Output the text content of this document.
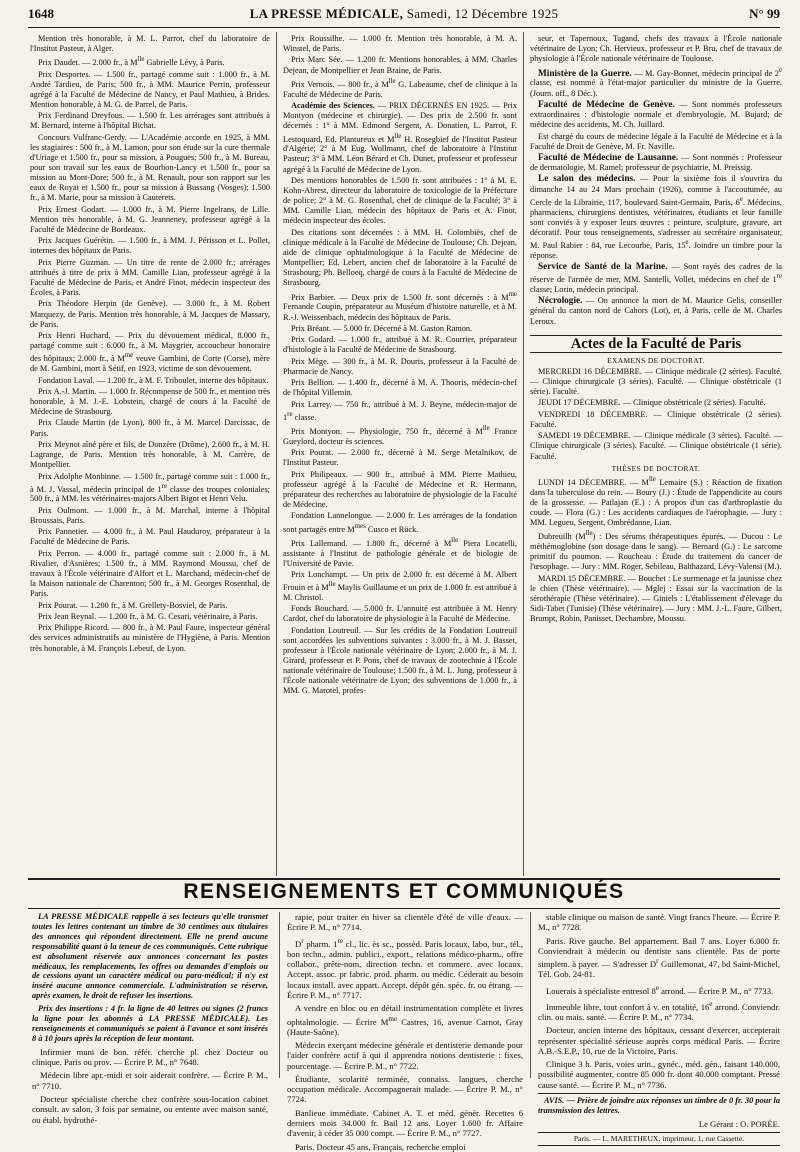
1648	LA PRESSE MÉDICALE, Samedi, 12 Décembre 1925	N° 99

Mention très honorable, à M. L. Parrot, chef du laboratoire de l'Institut Pasteur, à Alger.

Prix Daudet. — 2.000 fr., à $M^{lle}$ Gabrielle Lévy, à Paris.

Prix Desportes. — 1.500 fr., partagé comme suit : 1.000 fr., à M. André Tardieu, de Paris; 500 fr., à MM. Maurice Perrin, professeur agrégé à la Faculté de Médecine de Nancy, et Paul Mathieu, à Brides. Mention honorable, à M. G. de Parrel, de Paris.

Prix Ferdinand Dreyfous. — 1.500 fr. Les arrérages sont attribués à M. Bernard, interne à l'hôpital Bichat.

Concours Vulfranc-Gerdy. — L'Académie accorde en 1925, à MM. les stagiaires : 500 fr., à M. Lamon, pour son étude sur la cure thermale d'Uriage et 1.500 fr., pour sa mission, à Pougues; 500 fr., à M. Bureau, pour son travail sur les eaux de Bourbon-Lancy et 1.500 fr., pour sa mission au Mont-Dore; 500 fr., à M. Renault, pour son rapport sur les eaux de Royat et 1.500 fr., pour sa mission à Bussang (Vosges); 1.500 fr., à M. Marie, pour sa mission à Cauterets.

Prix Ernest Godart. — 1.000 fr., à M. Pierre Ingelrans, de Lille. Mention très honorable, à M. G. Jeanneney, professeur agrégé à la Faculté de Médecine de Bordeaux.

Prix Jacques Guérétin. — 1.500 fr., à MM. J. Périsson et L. Pollet, internes des hôpitaux de Paris.

Prix Pierre Guzman. — Un titre de rente de 2.000 fr.; arrérages attribués à titre de prix à MM. Camille Lian, professeur agrégé à la Faculté de Médecine de Paris, et André Finot, médecin inspecteur des Écoles, à Paris.

Prix Théodore Herpin (de Genève). — 3.000 fr., à M. Robert Marquezy, de Paris. Mention très honorable, à M. Jacques de Massary, de Paris.

Prix Henri Huchard. — Prix du dévouement médical, 8.000 fr., partagé comme suit : 6.000 fr., à M. Maygrier, accoucheur honoraire des hôpitaux; 2.000 fr., à $M^{me}$ veuve Gambini, de Corte (Corse), mère de M. Gambini, mort à Sétif, en 1923, victime de son dévouement.

Fondation Laval. — 1.200 fr., à M. F. Triboulet, interne des hôpitaux.

Prix A.-J. Martin. — 1.000 fr. Récompense de 500 fr., et mention très honorable, à M. J.-E. Lobstein, chargé de cours à la Faculté de Médecine de Strasbourg.

Prix Claude Martin (de Lyon), 800 fr., à M. Marcel Darcissac, de Paris.

Prix Meynot aîné père et fils, de Donzère (Drôme), 2.600 fr., à M. H. Lagrange, de Paris. Mention très honorable, à M. Carrère, de Montpellier.

Prix Adolphe Monbinne. — 1.500 fr., partagé comme suit : 1.000 fr., à M. J. Vassal, médecin principal de 1re classe des troupes coloniales; 500 fr., à MM. les vétérinaires-majors Albert Bigot et Henri Velu.

Prix Oulmont. — 1.000 fr., à M. Marchal, interne à l'hôpital Broussais, Paris.

Prix Pannetier. — 4.000 fr., à M. Paul Hauduroy, préparateur à la Faculté de Médecine de Paris.

Prix Perron. — 4.000 fr., partagé comme suit : 2.000 fr., à M. Rivalier, d'Asnières; 1.500 fr., à MM. Raymond Moussu, chef de travaux à l'École vétérinaire d'Alfort et L. Marchand, médecin-chef de la Maison nationale de Charenton; 500 fr., à M. Georges Rosenthal, de Paris.

Prix Pourat. — 1.200 fr., à M. Grellety-Bosviel, de Paris.

Prix Jean Reynal. — 1.200 fr., à M. G. Cesari, vétérinaire, à Paris.

Prix Philippe Ricord. — 800 fr., à M. Paul Faure, inspecteur général des services administratifs au ministère de l'Hygiène, à Paris. Mention très honorable, à M. François Lebeuf, de Lyon.

Prix Roussilhe. — 1.000 fr. Mention très honorable, à M. A. Winstel, de Paris.

Prix Marc Sée. — 1.200 fr. Mentions honorables, à MM. Charles Dejean, de Montpellier et Jean Braine, de Paris.

Prix Vernois. — 800 fr., à $M^{lle}$ G. Labeaume, chef de clinique à la Faculté de Médecine de Paris.

Académie des Sciences. — PRIX DÉCERNÉS EN 1925. — Prix Montyon (médecine et chirurgie). — Des prix de 2.500 fr. sont décernés : 1° à MM. Edmond Sergent, A. Donatien, L. Parrot, F. Lestoquard, Ed. Plantureux et $M^{lle}$ H. Rosegbief de l'Institut Pasteur d'Algérie; 2° à M Eug. Wollmann, chef de laboratoire à l'Institut Pasteur; 3° à MM. Léon Bérard et Ch. Dunet, professeur et professeur agrégé à la Faculté de Médecine de Lyon.

Des mentions honorables de 1.500 fr. sont attribuées : 1° à M. E. Kohn-Abrest, directeur du laboratoire de toxicologie de la Préfecture de police; 2° à M. G. Rosenthal, chef de clinique de la Faculté; 3° à MM. Camille Lian, médecin des hôpitaux de Paris et A. Finot, médecin inspecteur des écoles.

Des citations sont décernées : à MM. H. Colombiès, chef de clinique médicale à la Faculté de Médecine de Toulouse; Ch. Dejean, aide de clinique ophtalmologique à la Faculté de Médecine de Montpellier; Ed. Lebert, ancien chef de laboratoire à la Faculté de Strasbourg; Ph. Belloeq, chargé de cours à la Faculté de Médecine de Strasbourg.

Prix Barbier. — Deux prix de 1.500 fr. sont décernés : à $M^{me}$ Fernande Coupin, préparateur au Muséum d'histoire naturelle, et à M. R.-J. Weissenbach, médecin des hôpitaux de Paris.

Prix Bréant. — 5.000 fr. Décerné à M. Gaston Ramon.

Prix Godard. — 1.000 fr., attribué à M. R. Courrier, préparateur d'histologie à la Faculté de Médecine de Strasbourg.

Prix Mège. — 300 fr., à M. R. Douris, professeur à la Faculté de Pharmacie de Nancy.

Prix Bellion. — 1.400 fr., décerné à M. A. Thooris, médecin-chef de l'hôpital Villemin.

Prix Larrey. — 750 fr., attribué à M. J. Beyne, médecin-major de 1re classe.

Prix Montyon. — Physiologie, 750 fr., décerné à $M^{lle}$ France Gueylord, docteur ès sciences.

Prix Pourat. — 2.000 fr., décerné à M. Serge Metalnikov, de l'Institut Pasteur.

Prix Philipeaux. — 900 fr., attribué à MM. Pierre Mathieu, professeur agrégé à la Faculté de Médecine et R. Hermann, préparateur des recherches au laboratoire de physiologie de la Faculté de Médecine.

Fondation Lannelongue. — 2.000 fr. Les arrérages de la fondation sont partagés entre $M^{mes}$ Cusco et Rück.

Prix Lallemand. — 1.800 fr., décerné à $M^{lle}$ Piera Locatelli, assistante à l'Institut de pathologie générale et de biologie de l'Université de Pavie.

Prix Lonchampt. — Un prix de 2.000 fr. est décerné à M. Albert Frouin et à $M^{lle}$ Maylis Guillaume et un prix de 1.000 fr. est attribué à M. Christol.

Fonds Bouchard. — 5.000 fr. L'annuité est attribuée à M. Henry Cardot, chef du laboratoire de physiologie à la Faculté de Médecine.

Fondation Loutreuil. — Sur les crédits de la Fondation Loutreuil sont accordées les subventions suivantes : 3.000 fr., à M. J. Basset, professeur à l'École nationale vétérinaire de Lyon; 2.000 fr., à M. J. Girard, professeur et P. Pons, chef de travaux de zootechnie à l'École nationale vétérinaire de Toulouse; 1.500 fr., à M. L. Jung, professeur à l'École nationale vétérinaire de Lyon; des subventions de 1.000 fr., à MM. G. Marotel, profes-

seur, et Tapernoux, Tagand, chefs des travaux à l'École nationale vétérinaire de Lyon; Ch. Hervieux, professeur et P. Bru, chef de travaux de physiologie à l'École nationale vétérinaire de Toulouse.

Ministère de la Guerre. — M. Gay-Bonnet, médecin principal de 2e classe, est nommé à l'état-major particulier du ministre de la Guerre. (Journ. off., 8 Déc.).

Faculté de Médecine de Genève. — Sont nommés professeurs extraordinaires : d'histologie normale et d'embryologie, M. Bujard; de médecine des accidents, M. Ch. Juillard.

Est chargé du cours de médecine légale à la Faculté de Médecine et à la Faculté de Droit de Genève, M. Fr. Naville.

Faculté de Médecine de Lausanne. — Sont nommés : Professeur de dermatologie, M. Ramel; professeur de psychiatrie, M. Preissig.

Le salon des médecins. — Pour la sixième fois il s'ouvrira du dimanche 14 au 24 Mars prochain (1926), comme à l'accoutumée, au Cercle de la Librairie, 117, boulevard Saint-Germain, Paris, 6e. Médecins, pharmaciens, chirurgiens dentistes, vétérinaires, étudiants et leur famille sont conviés à y exposer leurs œuvres : peinture, sculpture, gravure, art décoratif. Pour tous renseignements, s'adresser au secrétaire organisateur, M. Paul Rabier : 84, rue Lecourbe, Paris, 15e. Joindre un timbre pour la réponse.

Service de Santé de la Marine. — Sont rayés des cadres de la réserve de l'armée de mer, MM. Santelli, Vollet, médecins en chef de 1re classe; Lorin, médecin principal.

Nécrologie. — On annonce la mort de M. Maurice Gelis, conseiller général du canton nord de Cahors (Lot), et, à Paris, celle de M. Charles Leroux.

Actes de la Faculté de Paris
EXAMENS DE DOCTORAT.

MERCREDI 16 DÉCEMBRE. — Clinique médicale (2 séries). Faculté. — Clinique chirurgicale (3 séries). Faculté. — Clinique obstétricale (1 série). Faculté.

JEUDI 17 DÉCEMBRE. — Clinique obstétricale (2 séries). Faculté.

VENDREDI 18 DÉCEMBRE. — Clinique obstétricale (2 séries). Faculté.

SAMEDI 19 DÉCEMBRE. — Clinique médicale (3 séries). Faculté. — Clinique chirurgicale (3 séries). Faculté. — Clinique obstétricale (1 série). Faculté.

THÈSES DE DOCTORAT.

LUNDI 14 DÉCEMBRE. — $M^{lle}$ Lemaire (S.) : Réaction de fixation dans la tuberculose du rein. — Boury (J.) : Étude de l'appendicite au cours de la grossesse. — Patlajan (E.) : A propos d'un cas d'arthroplastie du coude. — Flora (G.) : Les accidents cardiaques de l'aérophagie. — Jury : MM. Legueu, Sergent, Ombrédanne, Lian.

Dubreuilh $(M^{lle})$ : Des sérums thérapeutiques épurés. — Ducou : Le méthémoglobine (son dosage dans le sang). — Bernard (G.) : Le sarcome primitif du poumon. — Roucheau : Étude du traitement du cancer de l'œsophage. — Jury : MM. Roger, Sebileau, Balthazard, Lévy-Valensi (M.).

MARDI 15 DÉCEMBRE. — Bouchet : Le surmenage et la jaunisse chez le chien (Thèse vétérinaire). — Mglej : Essai sur la vaccination de la sérothérapie (Thèse vétérinaire). — Giniels : L'établissement d'élevage du Sidi-Tabet (Tunisie) (Thèse vétérinaire). — Jury : MM. J.-L. Faure, Gilbert, Brumpt, Robin, Panisset, Dechambre, Moussu.

RENSEIGNEMENTS ET COMMUNIQUÉS

LA PRESSE MÉDICALE rappelle à ses lecteurs qu'elle transmet toutes les lettres contenant un timbre de 30 centimes aux titulaires des annonces qui répondent directement. Elle ne prend aucune responsabilité quant à la teneur de ces communiqués. Cette rubrique est absolument réservée aux annonces concernant les postes médicaux, les remplacements, les offres ou demandes d'emplois ou de cessions ayant un caractère médical ou para-médical; il n'y est inséré aucune annonce commerciale. L'administration se réserve, après examen, le droit de refuser les insertions.

Prix des insertions : 4 fr. la ligne de 40 lettres ou signes (2 francs la ligne pour les abonnés à LA PRESSE MÉDICALE). Les renseignements et communiqués se paient à l'avance et sont insérés 8 à 10 jours après la réception de leur montant.

Infirmier muni de bon. référ. cherche pl. chez Docteur ou clinique. Paris ou prov. — Écrire P. M., n° 7648.

Médecin libre apr.-midi et soir aiderait confrère. — Écrire P. M., n° 7710.

Docteur spécialiste cherche chez confrère sous-location cabinet consult. av salon, 3 fois par semaine, ou entente avec maison santé, ou établ. hydrothé-

rapie, pour traiter en hiver sa clientèle d'été de ville d'eaux. — Écrire P. M., n° 7714.

$D^r$ pharm. 1re cl., lic. ès sc., possèd. Paris locaux, labo, bur., tél., bon techn., admin. publici., export., relations médico-pharm., offre collabor., prête-nom, direction techn. et commerc. avec locaux. Accept. assoc. pr fabric. prod. pharm. ou médic. Céderait au besoin locaux install. avec appart. Accept. dépôt gén. spéc. fr. ou étrang. — Écrire P. M., n° 7717.

A vendre en bloc ou en détail instrumentation complète et livres ophtalmologie. — Écrire $M^{me}$ Castres, 16, avenue Carnot, Gray (Haute-Saône).

Médecin exerçant médecine générale et dentisterie demande pour l'aider confrère actif à qui il apprendra notions dentisterie : fixes, pourcentage. — Écrire P. M., n° 7722.

Étudiante, scolarité terminée, connaiss. langues, cherche occupation médicale. Accompagnerait malade. — Écrire P. M., n° 7724.

Banlieue immédiate. Cabinet A. T. et méd. génér. Recettes 6 derniers mois 34.000 fr. Bail 12 ans. Loyer 1.600 fr. Affaire d'avenir, à céder 35 000 compt. — Écrire P. M., n° 7727.

Paris. Docteur 45 ans, Français, recherche emploi

stable clinique ou maison de santé. Vingt francs l'heure. — Écrire P. M., n° 7728.

Paris. Rive gauche. Bel appartement. Bail 7 ans. Loyer 6.000 fr. Conviendrait à médecin ou dentiste sans clientèle. Pas de porte simplem. à payer. — S'adresser $D^r$ Guillemonat, 47, bd Saint-Michel, Tél. Gob. 24-81.

Louerais à spécialiste entresol 8e arrond. — Écrire P. M., n° 7733.

Immeuble libre, tout confort à v. en totalité, 16e arrond. Conviendr. clin. ou mais. santé. — Écrire P. M., n° 7734.

Docteur, ancien interne des hôpitaux, cessant d'exercer, accepterait représenter spécialité sérieuse auprès corps médical Paris. — Écrire A.B.-S.E.P., 10, rue de la Victoire, Paris.

Clinique 3 h. Paris, voies urin., gynéc., méd. gén., faisant 140.000, possibilité augmenter, contre 85 000 fr. dont 40.000 comptant. Pressé cause santé. — Écrire P. M., n° 7736.

AVIS. — Prière de joindre aux réponses un timbre de 0 fr. 30 pour la transmission des lettres.

Le Gérant : O. PORÉE.

Paris. — L. MARETHEUX, imprimeur, 1, rue Cassette.
